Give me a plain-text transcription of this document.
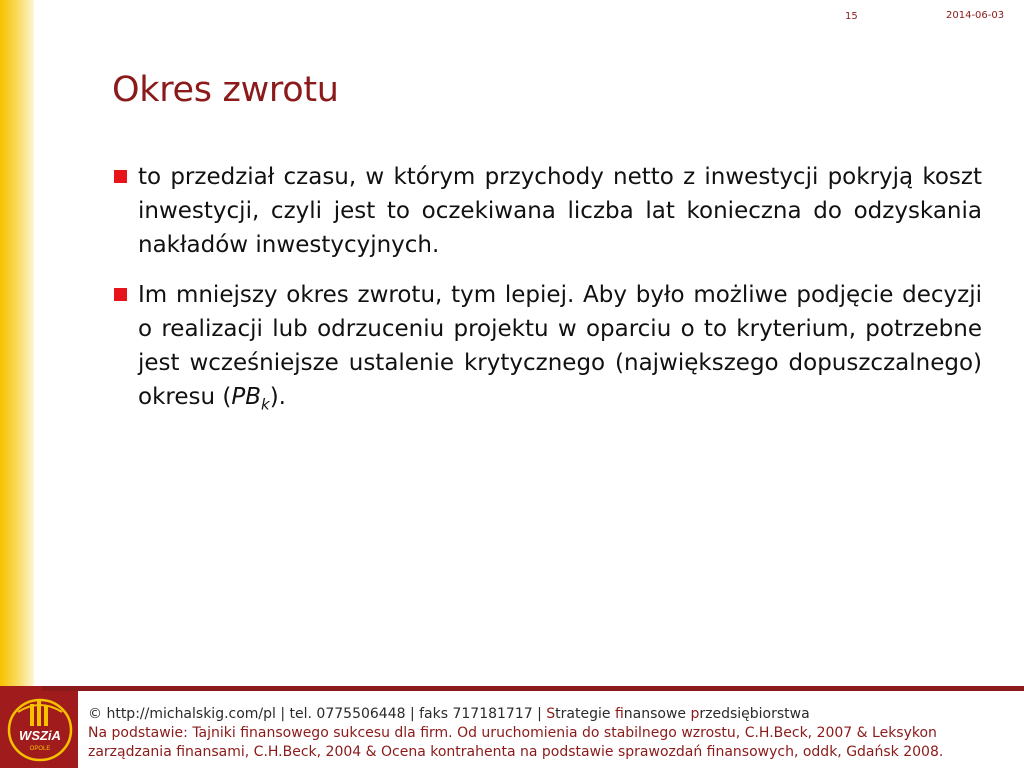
15	2014-06-03
Okres zwrotu
to przedział czasu, w którym przychody netto z inwestycji pokryją koszt inwestycji, czyli jest to oczekiwana liczba lat konieczna do odzyskania nakładów inwestycyjnych.
Im mniejszy okres zwrotu, tym lepiej. Aby było możliwe podjęcie decyzji o realizacji lub odrzuceniu projektu w oparciu o to kryterium, potrzebne jest wcześniejsze ustalenie krytycznego (największego dopuszczalnego) okresu $(PB_k)$.
WSZiA
OPOLE
© http://michalskig.com/pl | tel. 0775506448 | faks 717181717 | Strategie finansowe przedsiębiorstwa
Na podstawie: Tajniki finansowego sukcesu dla firm. Od uruchomienia do stabilnego wzrostu, C.H.Beck, 2007 & Leksykon zarządzania finansami, C.H.Beck, 2004 & Ocena kontrahenta na podstawie sprawozdań finansowych, oddk, Gdańsk 2008.
